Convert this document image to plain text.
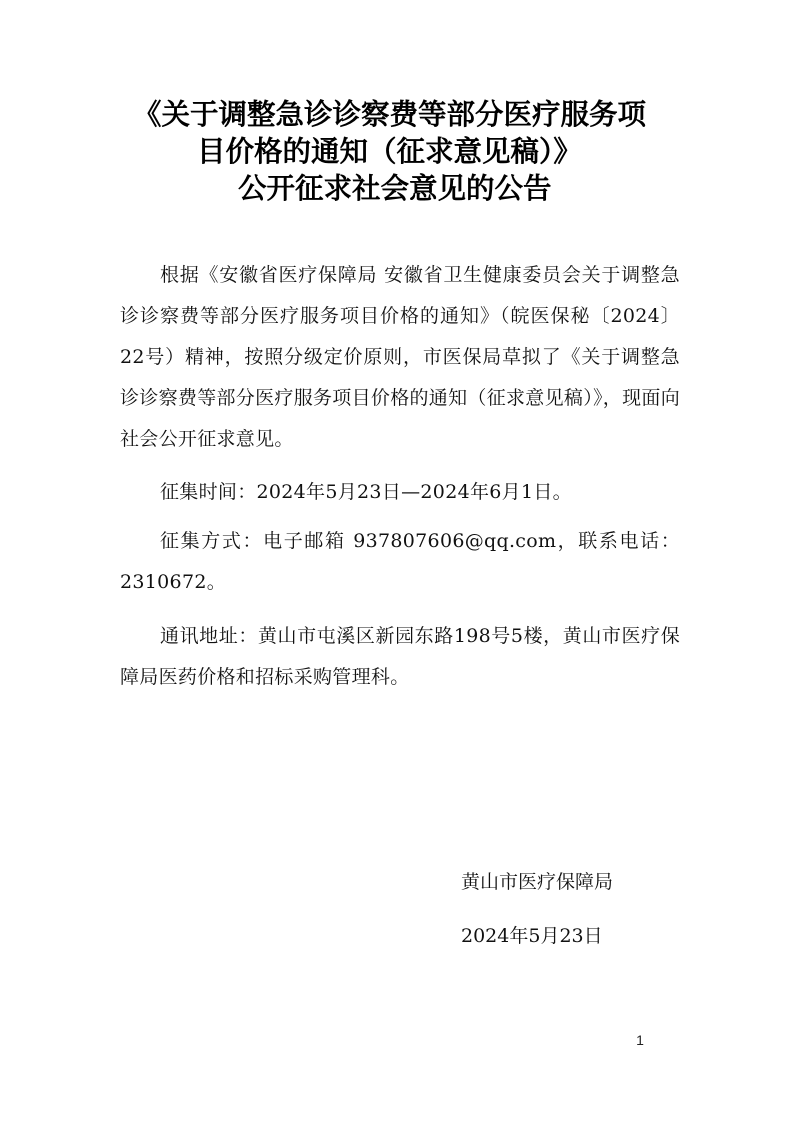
《关于调整急诊诊察费等部分医疗服务项
目价格的通知（征求意见稿）》
公开征求社会意见的公告

根据《安徽省医疗保障局 安徽省卫生健康委员会关于调整急诊诊察费等部分医疗服务项目价格的通知》（皖医保秘〔2024〕22号）精神，按照分级定价原则，市医保局草拟了《关于调整急诊诊察费等部分医疗服务项目价格的通知（征求意见稿）》，现面向社会公开征求意见。

征集时间：2024年5月23日—2024年6月1日。

征集方式：电子邮箱 937807606@qq.com，联系电话：2310672。

通讯地址：黄山市屯溪区新园东路198号5楼，黄山市医疗保障局医药价格和招标采购管理科。

黄山市医疗保障局
2024年5月23日
1
